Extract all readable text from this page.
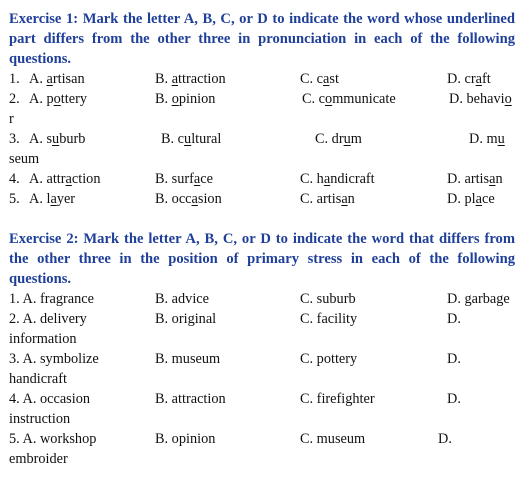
Exercise 1: Mark the letter A, B, C, or D to indicate the word whose underlined part differs from the other three in pronunciation in each of the following questions.
1. A. artisan	B. attraction	C. cast	D. craft
2. A. pottery	B. opinion	C. communicate	D. behavio
r
3. A. suburb	B. cultural	C. drum	D. mu
seum
4. A. attraction	B. surface	C. handicraft	D. artisan
5. A. layer	B. occasion	C. artisan	D. place
Exercise 2: Mark the letter A, B, C, or D to indicate the word that differs from the other three in the position of primary stress in each of the following questions.
1. A. fragrance	B. advice	C. suburb	D. garbage
2. A. delivery	B. original	C. facility	D.
information
3. A. symbolize	B. museum	C. pottery	D.
handicraft
4. A. occasion	B. attraction	C. firefighter	D.
instruction
5. A. workshop	B. opinion	C. museum	D.
embroider
